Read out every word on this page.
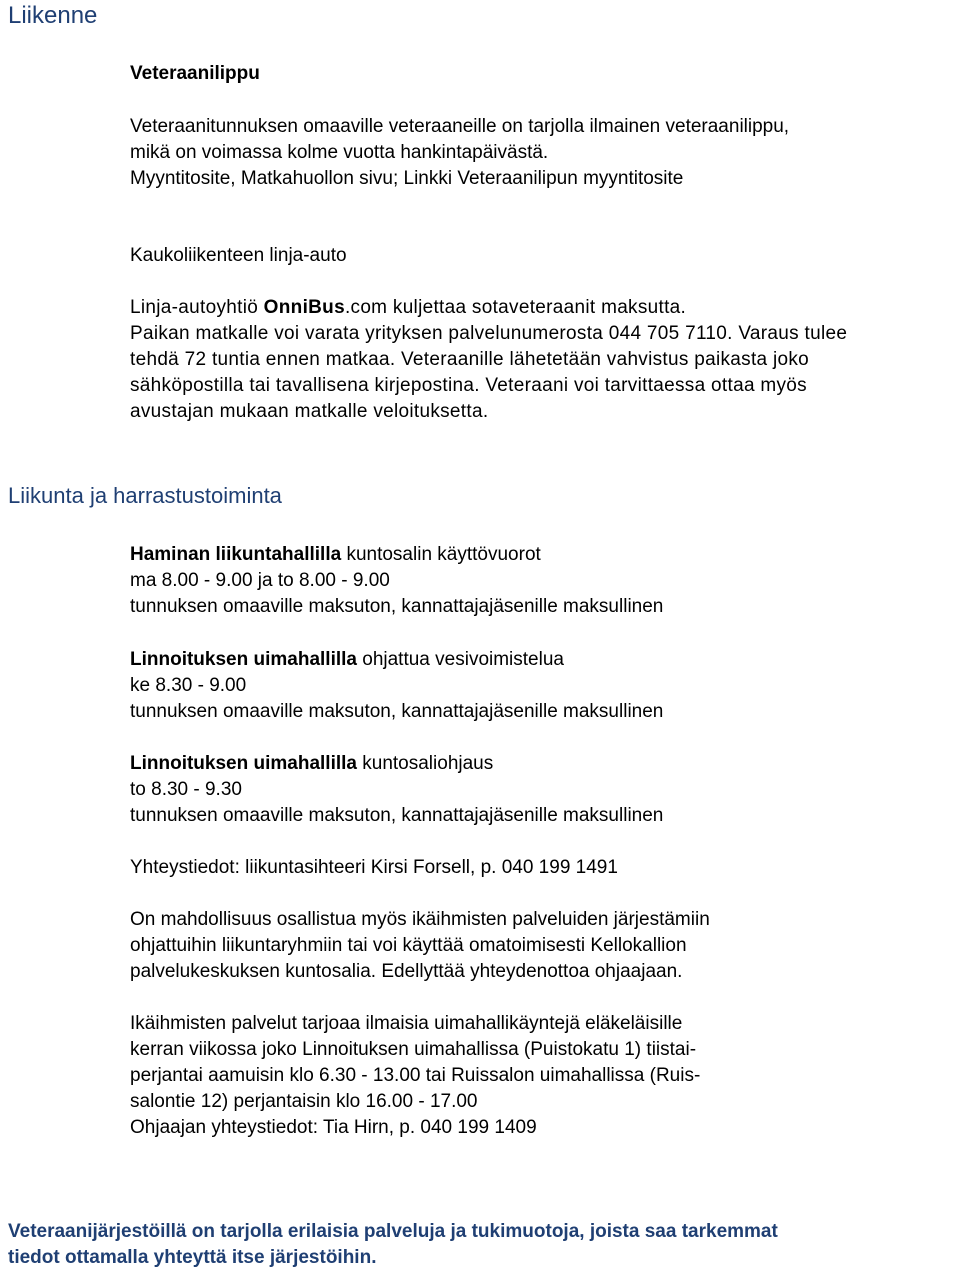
Liikenne
Veteraanilippu
Veteraanitunnuksen omaaville veteraaneille on tarjolla ilmainen veteraanilippu,
mikä on voimassa kolme vuotta hankintapäivästä.
Myyntitosite, Matkahuollon sivu; Linkki Veteraanilipun myyntitosite
Kaukoliikenteen linja-auto
Linja-autoyhtiö OnniBus.com kuljettaa sotaveteraanit maksutta.
Paikan matkalle voi varata yrityksen palvelunumerosta 044 705 7110. Varaus tulee
tehdä 72 tuntia ennen matkaa. Veteraanille lähetetään vahvistus paikasta joko
sähköpostilla tai tavallisena kirjepostina. Veteraani voi tarvittaessa ottaa myös
avustajan mukaan matkalle veloituksetta.
Liikunta ja harrastustoiminta
Haminan liikuntahallilla kuntosalin käyttövuorot
ma 8.00 - 9.00 ja to 8.00 - 9.00
tunnuksen omaaville maksuton, kannattajajäsenille maksullinen
Linnoituksen uimahallilla ohjattua vesivoimistelua
ke 8.30 - 9.00
tunnuksen omaaville maksuton, kannattajajäsenille maksullinen
Linnoituksen uimahallilla kuntosaliohjaus
to 8.30 - 9.30
tunnuksen omaaville maksuton, kannattajajäsenille maksullinen
Yhteystiedot: liikuntasihteeri Kirsi Forsell, p. 040 199 1491
On mahdollisuus osallistua myös ikäihmisten palveluiden järjestämiin
ohjattuihin liikuntaryhmiin tai voi käyttää omatoimisesti Kellokallion
palvelukeskuksen kuntosalia. Edellyttää yhteydenottoa ohjaajaan.
Ikäihmisten palvelut tarjoaa ilmaisia uimahallikäyntejä eläkeläisille
kerran viikossa joko Linnoituksen uimahallissa (Puistokatu 1) tiistai-
perjantai aamuisin klo 6.30 - 13.00 tai Ruissalon uimahallissa (Ruis-
salontie 12) perjantaisin klo 16.00 - 17.00
Ohjaajan yhteystiedot: Tia Hirn, p. 040 199 1409
Veteraanijärjestöillä on tarjolla erilaisia palveluja ja tukimuotoja, joista saa tarkemmat
tiedot ottamalla yhteyttä itse järjestöihin.
